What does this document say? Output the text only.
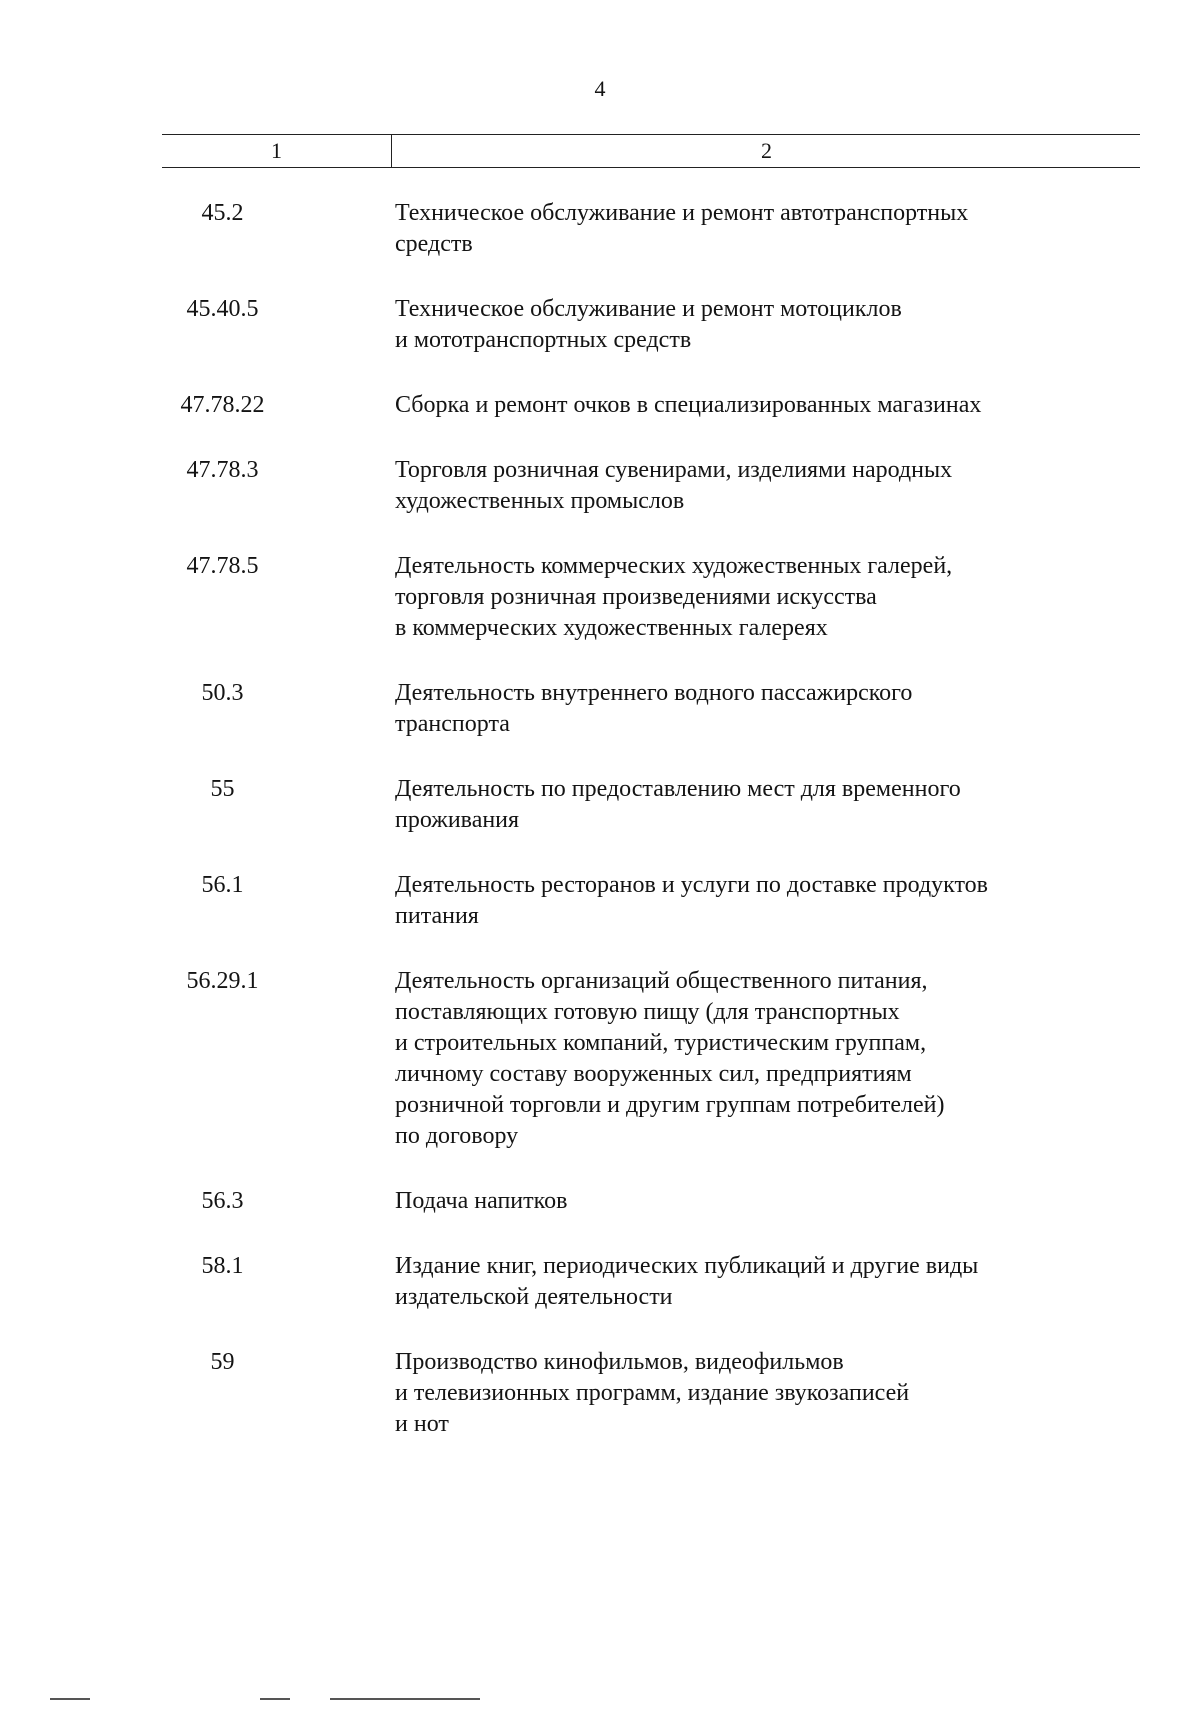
4
1	2
45.2	Техническое обслуживание и ремонт автотранспортных
средств
45.40.5	Техническое обслуживание и ремонт мотоциклов
и мототранспортных средств
47.78.22	Сборка и ремонт очков в специализированных магазинах
47.78.3	Торговля розничная сувенирами, изделиями народных
художественных промыслов
47.78.5	Деятельность коммерческих художественных галерей,
торговля розничная произведениями искусства
в коммерческих художественных галереях
50.3	Деятельность внутреннего водного пассажирского
транспорта
55	Деятельность по предоставлению мест для временного
проживания
56.1	Деятельность ресторанов и услуги по доставке продуктов
питания
56.29.1	Деятельность организаций общественного питания,
поставляющих готовую пищу (для транспортных
и строительных компаний, туристическим группам,
личному составу вооруженных сил, предприятиям
розничной торговли и другим группам потребителей)
по договору
56.3	Подача напитков
58.1	Издание книг, периодических публикаций и другие виды
издательской деятельности
59	Производство кинофильмов, видеофильмов
и телевизионных программ, издание звукозаписей
и нот
